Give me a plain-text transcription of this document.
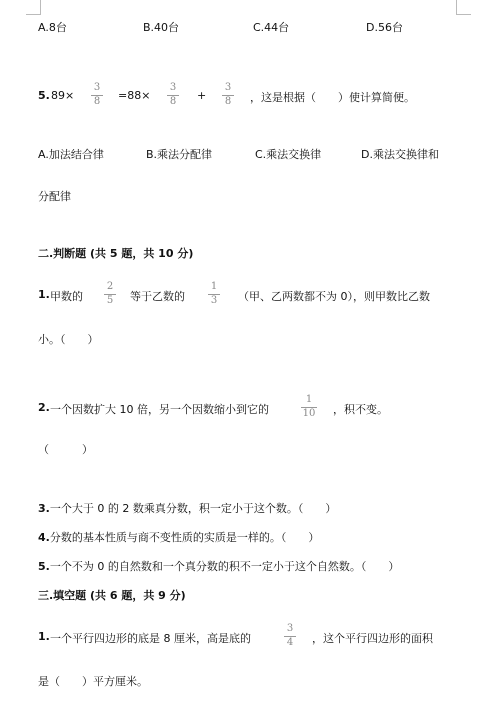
A.8台	B.40台	C.44台	D.56台
5. 89×
3
8 =88×
3
8 +
3
8 ，这是根据（　　）使计算简便。
A.加法结合律	B.乘法分配律	C.乘法交换律	D.乘法交换律和
分配律
二.判断题 (共 5 题，共 10 分)
1. 甲数的
2
5 等于乙数的
1
3 （甲、乙两数都不为 0），则甲数比乙数
小。（　　）
2. 一个因数扩大 10 倍，另一个因数缩小到它的
1
10 ，积不变。
（　　　）
3.一个大于 0 的 2 数乘真分数，积一定小于这个数。（　　）
4.分数的基本性质与商不变性质的实质是一样的。（　　）
5.一个不为 0 的自然数和一个真分数的积不一定小于这个自然数。（　　）
三.填空题 (共 6 题，共 9 分)
1. 一个平行四边形的底是 8 厘米，高是底的
3
4 ，这个平行四边形的面积
是（　　）平方厘米。
